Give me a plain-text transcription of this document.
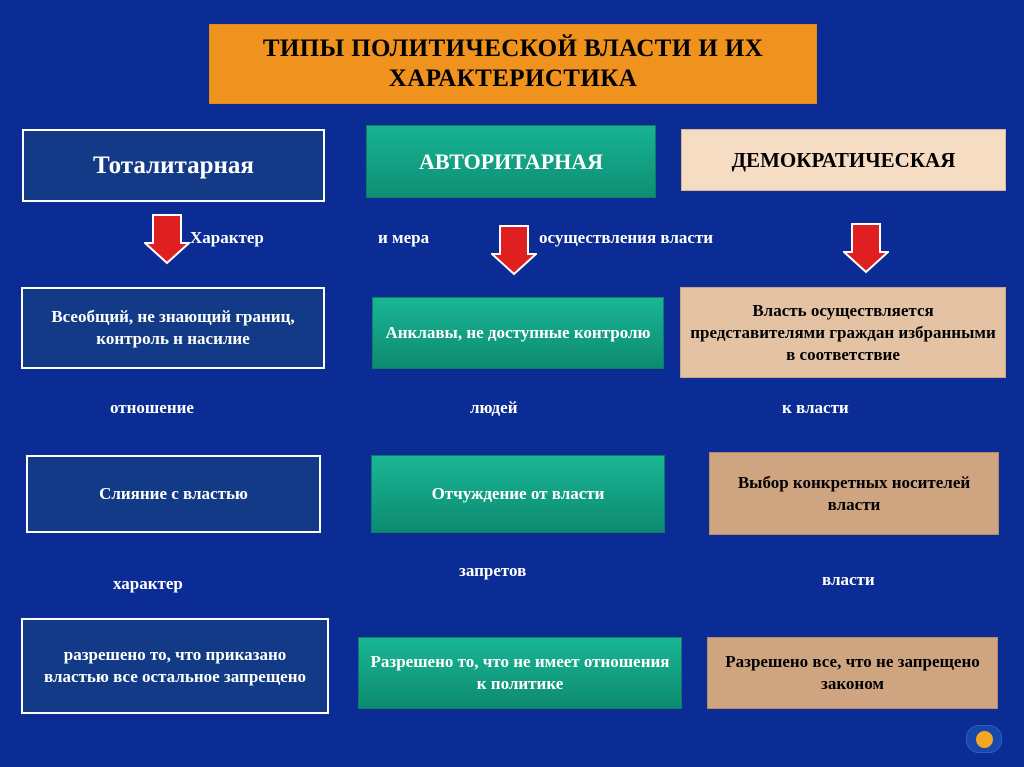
ТИПЫ ПОЛИТИЧЕСКОЙ ВЛАСТИ И ИХ ХАРАКТЕРИСТИКА
Тоталитарная	АВТОРИТАРНАЯ	ДЕМОКРАТИЧЕСКАЯ
Характер	и мера	осуществления власти
Всеобщий, не знающий границ, контроль н насилие	Анклавы, не доступные контролю
Власть осуществляется представителями граждан избранными в соответствие
отношение	людей	к власти
Слияние с властью	Отчуждение от власти
Выбор конкретных носителей власти
характер
запретов	власти
разрешено то, что приказано властью все остальное запрещено
Разрешено то, что не имеет отношения к политике
Разрешено все, что не запрещено законом
